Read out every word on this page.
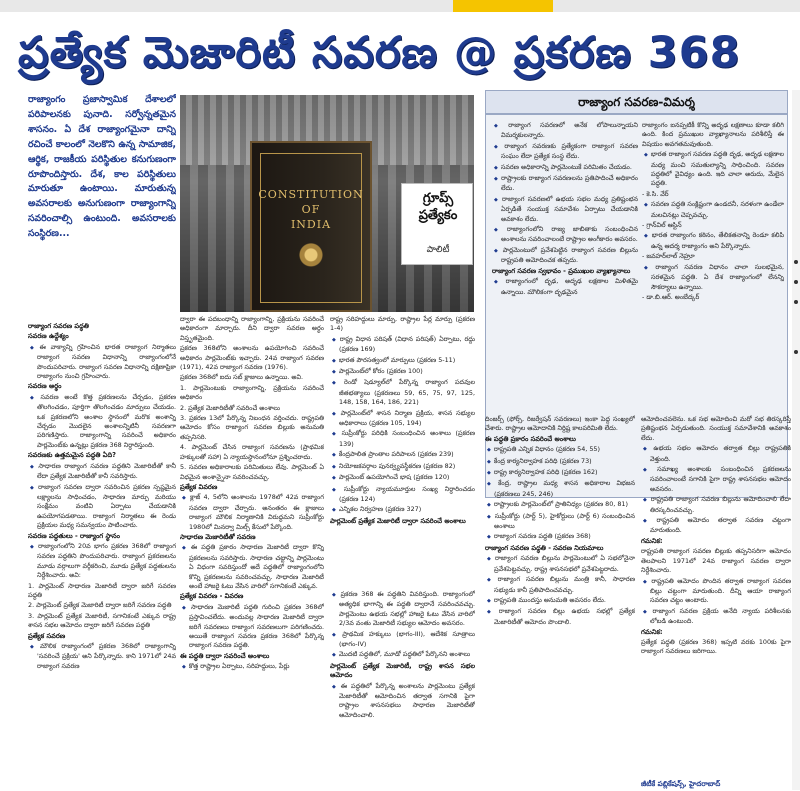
ప్రత్యేక మెజారిటీ సవరణ @ ప్రకరణ 368
రాజ్యాంగం ప్రజాస్వామిక దేశాలలో పరిపాలనకు పునాది. సర్వోన్నతమైన శాసనం. ఏ దేశ రాజ్యాంగమైనా దాన్ని రచించే కాలంలో నెలకొని ఉన్న సామాజిక, ఆర్థిక, రాజకీయ పరిస్థితుల కనుగుణంగా రూపొందిస్తారు. దేశ, కాల పరిస్థితులు మారుతూ ఉంటాయి. మారుతున్న అవసరాలకు అనుగుణంగా రాజ్యాంగాన్ని సవరించాల్సి ఉంటుంది. అవసరాలకు సంస్థిరణ...
CONSTITUTION
OF
INDIA
గ్రూప్స్
ప్రత్యేకం
పాలిటీ
రాజ్యాంగ సవరణ పద్ధతి
సవరణ ఉద్దేశ్యం
◆ ఈ వాక్యాన్ని గ్రహించిన భారత రాజ్యాంగ నిర్మాతలు రాజ్యాంగ సవరణ విధానాన్ని రాజ్యాంగంలోనే పొందుపరిచారు. రాజ్యాంగ సవరణ విధానాన్ని దక్షిణాఫ్రికా రాజ్యాంగం నుంచి గ్రహించారు.
సవరణ అర్థం
◆ సవరణ అంటే కొత్త ప్రకరణలను చేర్చడం, ప్రకరణ తొలగించడం, పూర్తిగా తొలగించడం మార్పులు చేయడం. ఒక ప్రకరణలోని అంశాల స్థానంలో మరొక అంశాన్ని చేర్చడం మొదలైన అంశాలన్నిటినీ సవరణగా పరిగణిస్తారు. రాజ్యాంగాన్ని సవరించే అధికారం పార్లమెంట్‌కు ఉన్నట్లు ప్రకరణ 368 నిర్ధారిస్తుంది.
సవరణకు ఉత్తమమైన పద్ధతి ఏది?
◆ సాధారణ రాజ్యాంగ సవరణ పద్ధతిని మెజారిటీతో కానీ లేదా ప్రత్యేక మెజారిటీతో కానీ సవరిస్తారు.
◆ రాజ్యాంగ సవరణ ద్వారా సవరించిన ప్రకరణ స్పష్టమైన లక్ష్యాలను సాధించడం, సాధారణ మార్పు మరియు సంక్షేమం వంటివి ఏర్పాటు చేయడానికి ఉపయోగపడతాయి. రాజ్యాంగ నిర్మాతలు ఈ రెండు ప్రక్రియల మధ్య సమన్వయం పాటించారు.
సవరణ పద్ధతులు - రాజ్యాంగ స్థానం
◆ రాజ్యాంగంలోని 20వ భాగం ప్రకరణ 368లో రాజ్యాంగ సవరణ పద్ధతిని పొందుపరిచారు. రాజ్యాంగ ప్రకరణలను మూడు వర్గాలుగా వర్గీకరించి, మూడు ప్రత్యేక పద్ధతులను నిర్దేశించారు. అవి:
1. పార్లమెంట్ సాధారణ మెజారిటీ ద్వారా జరిగే సవరణ పద్ధతి
2. పార్లమెంట్ ప్రత్యేక మెజారిటీ ద్వారా జరిగే సవరణ పద్ధతి
3. పార్లమెంట్ ప్రత్యేక మెజారిటీ, సగానికంటే ఎక్కువ రాష్ట్ర శాసన సభల ఆమోదం ద్వారా జరిగే సవరణ పద్ధతి
ప్రత్యేక సవరణ
◆ మౌలిక రాజ్యాంగంలో ప్రకరణ 368లో రాజ్యాంగాన్ని 'సవరించే ప్రక్రియ' అని పేర్కొన్నారు. కాని 1971లో 24వ రాజ్యాంగ సవరణ
ద్వారా ఈ పదబంధాన్ని రాజ్యాంగాన్ని, ప్రక్రియను సవరించే అధికారంగా మార్చారు. దీని ద్వారా సవరణ అర్థం విస్తృతమైంది.
ప్రకరణ 368లోని అంశాలను ఉపయోగించి సవరించే అధికారం పార్లమెంట్‌కు ఇచ్చారు. 24వ రాజ్యాంగ సవరణ (1971), 42వ రాజ్యాంగ సవరణ (1976).
ప్రకరణ 368లో ఐదు సబ్ క్లాజులు ఉన్నాయి. అవి.
1. పార్లమెంటుకు రాజ్యాంగాన్ని, ప్రక్రియను సవరించే అధికారం
2. ప్రత్యేక మెజారిటీతో సవరించే అంశాలు
3. ప్రకరణ 13లో పేర్కొన్న నిబంధన వర్తించదు. రాష్ట్రపతి ఆమోదం కోసం రాజ్యాంగ సవరణ బిల్లుకు అనుమతి తప్పనిసరి.
4. పార్లమెంట్ చేసిన రాజ్యాంగ సవరణను (ప్రాథమిక హక్కులతో సహా) ఏ న్యాయస్థానంలోనూ ప్రశ్నించరాదు.
5. సవరణ అధికారాలకు పరిమితులు లేవు. పార్లమెంట్ ఏ విధమైన అంశాన్నైనా సవరించవచ్చు.
ప్రత్యేక వివరణ
◆ క్లాజ్ 4, 5లోని అంశాలను 1978లో 42వ రాజ్యాంగ సవరణ ద్వారా చేర్చారు. అనంతరం ఈ క్లాజులు రాజ్యాంగ మౌలిక నిర్మాణానికి విరుద్ధమని సుప్రీంకోర్టు 1980లో మినర్వా మిల్స్ కేసులో పేర్కొంది.
సాధారణ మెజారిటీతో సవరణ
◆ ఈ పద్ధతి ప్రకారం సాధారణ మెజారిటీ ద్వారా కొన్ని ప్రకరణలను సవరిస్తారు. సాధారణ చట్టాన్ని పార్లమెంటు ఏ విధంగా సవరిస్తుందో అదే పద్ధతిలో రాజ్యాంగంలోని కొన్ని ప్రకరణలను సవరించవచ్చు. సాధారణ మెజారిటీ అంటే హాజరై ఓటు వేసిన వారిలో సగానికంటే ఎక్కువ.
ప్రత్యేక వివరణ - వివరణ
◆ సాధారణ మెజారిటీ పద్ధతి గురించి ప్రకరణ 368లో ప్రస్తావించలేదు. అందువల్ల సాధారణ మెజారిటీ ద్వారా జరిగే సవరణలు రాజ్యాంగ సవరణలుగా పరిగణించరు. అయితే రాజ్యాంగ సవరణ ప్రకరణ 368లో పేర్కొన్న రాజ్యాంగ సవరణ పద్ధతి.
ఈ పద్ధతి ద్వారా సవరించే అంశాలు
◆ కొత్త రాష్ట్రాల ఏర్పాటు, సరిహద్దులు, పేర్లు
రాష్ట్ర సరిహద్దులు మార్పు, రాష్ట్రాల పేర్ల మార్పు (ప్రకరణ 1-4)
◆ రాష్ట్ర విధాన పరిషత్ (విధాన పరిషత్) ఏర్పాటు, రద్దు (ప్రకరణ 169)
◆ భారత పౌరసత్వంలో మార్పులు (ప్రకరణ 5-11)
◆ పార్లమెంట్‌లో కోరం (ప్రకరణ 100)
◆ రెండో షెడ్యూల్‌లో పేర్కొన్న రాజ్యాంగ పదవుల జీతభత్యాలు (ప్రకరణలు 59, 65, 75, 97, 125, 148, 158, 164, 186, 221)
◆ పార్లమెంట్‌లో శాసన నిర్మాణ ప్రక్రియ, శాసన సభ్యుల అధికారాలు (ప్రకరణ 105, 194)
◆ సుప్రీంకోర్టు పరిధికి సంబంధించిన అంశాలు (ప్రకరణ 139)
◆ కేంద్రపాలిత ప్రాంతాల పరిపాలన (ప్రకరణ 239)
◆ నియోజకవర్గాల పునర్వ్యవస్థీకరణ (ప్రకరణ 82)
◆ పార్లమెంట్ ఉపయోగించే భాష (ప్రకరణ 120)
◆ సుప్రీంకోర్టు న్యాయమూర్తుల సంఖ్య నిర్ధారించడం (ప్రకరణ 124)
◆ ఎన్నికల నిర్వహణ (ప్రకరణ 327)
పార్లమెంట్ ప్రత్యేక మెజారిటీ ద్వారా సవరించే అంశాలు
◆ ప్రకరణ 368 ఈ పద్ధతిని వివరిస్తుంది. రాజ్యాంగంలో అత్యధిక భాగాన్ని ఈ పద్ధతి ద్వారానే సవరించవచ్చు. పార్లమెంటు ఉభయ సభల్లో హాజరై ఓటు వేసిన వారిలో 2/3వ వంతు మెజారిటీ సభ్యుల ఆమోదం అవసరం.
◆ ప్రాథమిక హక్కులు (భాగం-III), ఆదేశిక సూత్రాలు (భాగం-IV)
◆ మొదటి పద్ధతిలో, మూడో పద్ధతిలో పేర్కొనని అంశాలు
పార్లమెంట్ ప్రత్యేక మెజారిటీ, రాష్ట్ర శాసన సభల ఆమోదం
◆ ఈ పద్ధతిలో పేర్కొన్న అంశాలను పార్లమెంటు ప్రత్యేక మెజారిటీతో ఆమోదించిన తర్వాత సగానికి పైగా రాష్ట్రాల శాసనసభలు సాధారణ మెజారిటీతో ఆమోదించాలి.
రాజ్యాంగ సవరణ-విమర్శ
◆ రాజ్యాంగ సవరణలో అనేక లోపాలున్నాయని విమర్శకులన్నారు.
◆ రాజ్యాంగ సవరణకు ప్రత్యేకంగా రాజ్యాంగ సవరణ సంఘం లేదా ప్రత్యేక సంస్థ లేదు.
◆ సవరణ అధికారాన్ని పార్లమెంటుకే పరిమితం చేయడం.
◆ రాష్ట్రాలకు రాజ్యాంగ సవరణలను ప్రతిపాదించే అధికారం లేదు.
◆ రాజ్యాంగ సవరణలో ఉభయ సభల మధ్య ప్రతిష్టంభన ఏర్పడితే సంయుక్త సమావేశం ఏర్పాటు చేయడానికి అవకాశం లేదు.
◆ రాజ్యాంగంలోని రాజ్య జాబితాకు సంబంధించిన అంశాలను సవరించాలంటే రాష్ట్రాల అంగీకారం అవసరం.
◆ పార్లమెంటులో ప్రవేశపెట్టిన రాజ్యాంగ సవరణ బిల్లును రాష్ట్రపతి ఆమోదించక తప్పదు.
రాజ్యాంగ సవరణ స్వభావం - ప్రముఖుల వ్యాఖ్యానాలు
◆ రాజ్యాంగంలో దృఢ, అదృఢ లక్షణాల మిళితమై ఉన్నాయి. మౌలికంగా దృఢమైన
రాజ్యాంగం ఐనప్పటికీ కొన్ని అదృఢ లక్షణాలు కూడా కలిగి ఉంది. కింద ప్రముఖుల వ్యాఖ్యానాలను పరిశీలిస్తే ఈ విషయం అవగతమవుతుంది.
◆ భారత రాజ్యాంగ సవరణ పద్ధతి దృఢ, అదృఢ లక్షణాల మధ్య మంచి సమతుల్యాన్ని సాధించింది. సవరణ పద్ధతిలో వైవిధ్యం ఉంది. ఇది చాలా అరుదు, మేలైన పద్ధతి.
- కె.సి. వేర్
◆ సవరణ పద్ధతి సంక్లిష్టంగా ఉండదనీ, సరళంగా ఉండేలా మలచినట్లు చెప్పవచ్చు.
- గ్రాన్‌విల్ ఆస్టిన్
◆ భారత రాజ్యాంగం కఠినం, తేలికతనాన్ని రెండూ కలిపి ఉన్న ఆదర్శ రాజ్యాంగం అని పేర్కొన్నారు.
- జవహర్‌లాల్ నెహ్రూ
◆ రాజ్యాంగ సవరణ విధానం చాలా సులభమైన, సరళమైన పద్ధతి. ఏ దేశ రాజ్యాంగంలో లేనన్ని సౌకర్యాలు ఉన్నాయి.
- డా.బి.ఆర్. అంబేద్కర్
దింజర్స్ (ఫోర్స్, రిజర్వేషన్ సవరణలు) ఇంకా పెద్ద సంఖ్యలో చేశారు. రాష్ట్రాల ఆమోదానికి నిర్దిష్ట కాలపరిమితి లేదు.
ఈ పద్ధతి ప్రకారం సవరించే అంశాలు
◆ రాష్ట్రపతి ఎన్నిక విధానం (ప్రకరణ 54, 55)
◆ కేంద్ర కార్యనిర్వాహక పరిధి (ప్రకరణ 73)
◆ రాష్ట్ర కార్యనిర్వాహక పరిధి (ప్రకరణ 162)
◆ కేంద్ర, రాష్ట్రాల మధ్య శాసన అధికారాల విభజన (ప్రకరణలు 245, 246)
◆ రాష్ట్రాలకు పార్లమెంట్‌లో ప్రాతినిధ్యం (ప్రకరణ 80, 81)
◆ సుప్రీంకోర్టు (పార్ట్ 5), హైకోర్టులు (పార్ట్ 6) సంబంధించిన అంశాలు
◆ రాజ్యాంగ సవరణ పద్ధతి (ప్రకరణ 368)
రాజ్యాంగ సవరణ పద్ధతి - సవరణ నియమాలు
◆ రాజ్యాంగ సవరణ బిల్లును పార్లమెంటులో ఏ సభలోనైనా ప్రవేశపెట్టవచ్చు. రాష్ట్ర శాసనసభలో ప్రవేశపెట్టరాదు.
◆ రాజ్యాంగ సవరణ బిల్లును మంత్రి కానీ, సాధారణ సభ్యుడు కానీ ప్రతిపాదించవచ్చు.
◆ రాష్ట్రపతి ముందస్తు అనుమతి అవసరం లేదు.
◆ రాజ్యాంగ సవరణ బిల్లు ఉభయ సభల్లో ప్రత్యేక మెజారిటీతో ఆమోదం పొందాలి.
ఆమోదించవలెను. ఒక సభ ఆమోదించి మరో సభ తిరస్కరిస్తే ప్రతిష్టంభన ఏర్పడుతుంది. సంయుక్త సమావేశానికి అవకాశం లేదు.
◆ ఉభయ సభల ఆమోదం తర్వాత బిల్లు రాష్ట్రపతికి వెళ్తుంది.
◆ సమాఖ్య అంశాలకు సంబంధించిన ప్రకరణలను సవరించాలంటే సగానికి పైగా రాష్ట్ర శాసనసభల ఆమోదం అవసరం.
◆ రాష్ట్రపతి రాజ్యాంగ సవరణ బిల్లును ఆమోదించాలి లేదా తిరస్కరించవచ్చు.
◆ రాష్ట్రపతి ఆమోదం తర్వాత సవరణ చట్టంగా మారుతుంది.
గమనిక:
రాష్ట్రపతి రాజ్యాంగ సవరణ బిల్లుకు తప్పనిసరిగా ఆమోదం తెలపాలని 1971లో 24వ రాజ్యాంగ సవరణ ద్వారా నిర్దేశించారు.
◆ రాష్ట్రపతి ఆమోదం పొందిన తర్వాత రాజ్యాంగ సవరణ బిల్లు చట్టంగా మారుతుంది. దీన్ని ఆయా రాజ్యాంగ సవరణ చట్టం అంటారు.
◆ రాజ్యాంగ సవరణ ప్రక్రియ అనేది న్యాయ పరిశీలనకు లోబడి ఉంటుంది.
గమనిక:
ప్రత్యేక పద్ధతి (ప్రకరణ 368) ఇప్పటి వరకు 100కు పైగా రాజ్యాంగ సవరణలు జరిగాయి.
జీటీకే పబ్లికేషన్స్, హైదరాబాద్
